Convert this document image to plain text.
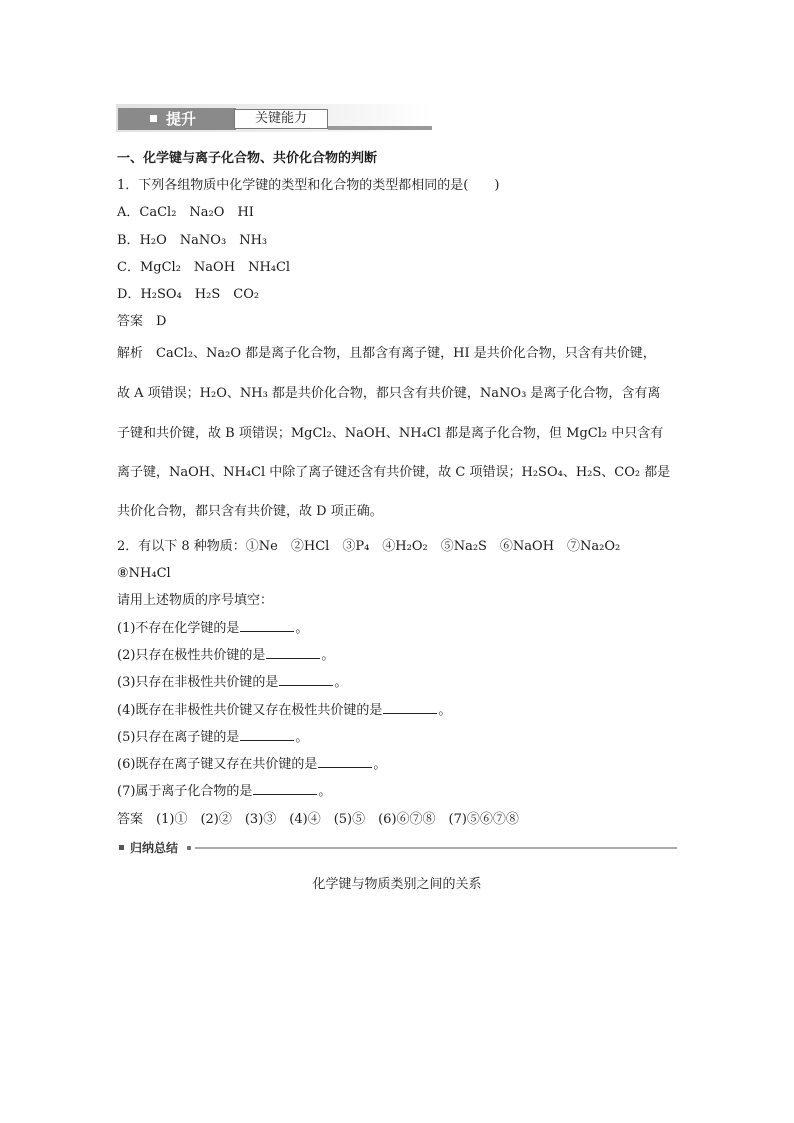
提升	关键能力
一、化学键与离子化合物、共价化合物的判断
1．下列各组物质中化学键的类型和化合物的类型都相同的是(　　)
A．CaCl₂　 Na₂O　 HI
B．H₂O　 NaNO₃　 NH₃
C．MgCl₂　 NaOH　 NH₄Cl
D．H₂SO₄　 H₂S　 CO₂
答案　 D
解析　 CaCl₂、Na₂O 都是离子化合物，且都含有离子键，HI 是共价化合物，只含有共价键，
故 A 项错误；H₂O、NH₃ 都是共价化合物，都只含有共价键，NaNO₃ 是离子化合物，含有离
子键和共价键，故 B 项错误；MgCl₂、NaOH、NH₄Cl 都是离子化合物，但 MgCl₂ 中只含有
离子键，NaOH、NH₄Cl 中除了离子键还含有共价键，故 C 项错误；H₂SO₄、H₂S、CO₂ 都是
共价化合物，都只含有共价键，故 D 项正确。
2．有以下 8 种物质：①Ne　②HCl　③P₄　④H₂O₂　⑤Na₂S　⑥NaOH　⑦Na₂O₂
⑧NH₄Cl
请用上述物质的序号填空：
(1)不存在化学键的是	。
(2)只存在极性共价键的是	。
(3)只存在非极性共价键的是	。
(4)既存在非极性共价键又存在极性共价键的是	。
(5)只存在离子键的是	。
(6)既存在离子键又存在共价键的是	。
(7)属于离子化合物的是	。
答案　 (1)①　(2)②　(3)③　(4)④　(5)⑤　(6)⑥⑦⑧　(7)⑤⑥⑦⑧
归纳总结
化学键与物质类别之间的关系
